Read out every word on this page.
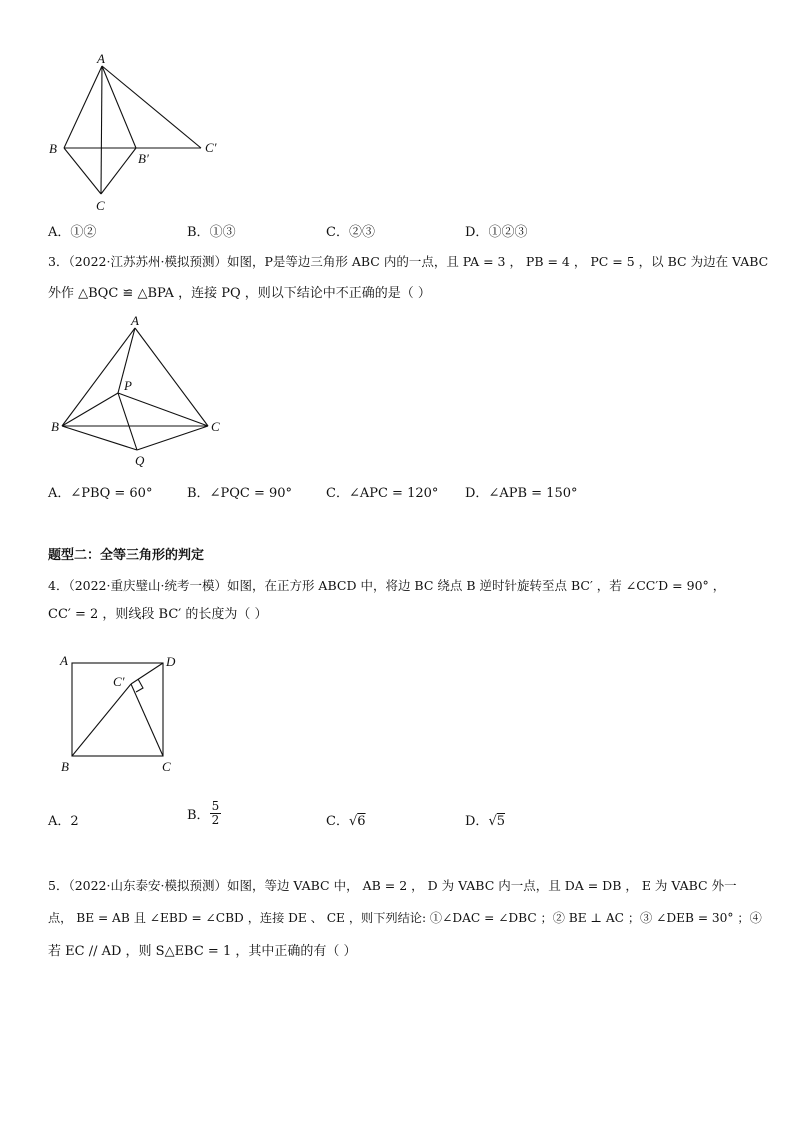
A
B
B′
C
C′
A．①②	B．①③	C．②③	D．①②③
3．（2022·江苏苏州·模拟预测）如图，P是等边三角形 ABC 内的一点，且 PA = 3 ， PB = 4 ， PC = 5 ，以 BC 为边在 VABC
外作 △BQC ≌ △BPA ，连接 PQ ，则以下结论中不正确的是（ ）
A
P
B	C
Q
A．∠PBQ = 60°	B．∠PQC = 90°	C．∠APC = 120° D．∠APB = 150°
题型二：全等三角形的判定
4．（2022·重庆璧山·统考一模）如图，在正方形 ABCD 中，将边 BC 绕点 B 逆时针旋转至点 BC′ ，若 ∠CC′D = 90° ，
CC′ = 2 ，则线段 BC′ 的长度为（ ）
A	D
C′
B	C
A．2	B． $\frac{5}{2}$	C．√6	D．√5
5．（2022·山东泰安·模拟预测）如图，等边 VABC 中， AB = 2 ， D 为 VABC 内一点，且 DA = DB ， E 为 VABC 外一
点， BE = AB 且 ∠EBD = ∠CBD ，连接 DE 、 CE ，则下列结论: ①∠DAC = ∠DBC ；② BE ⊥ AC ；③ ∠DEB = 30° ；④
若 EC // AD ，则 S△EBC = 1 ，其中正确的有（ ）
